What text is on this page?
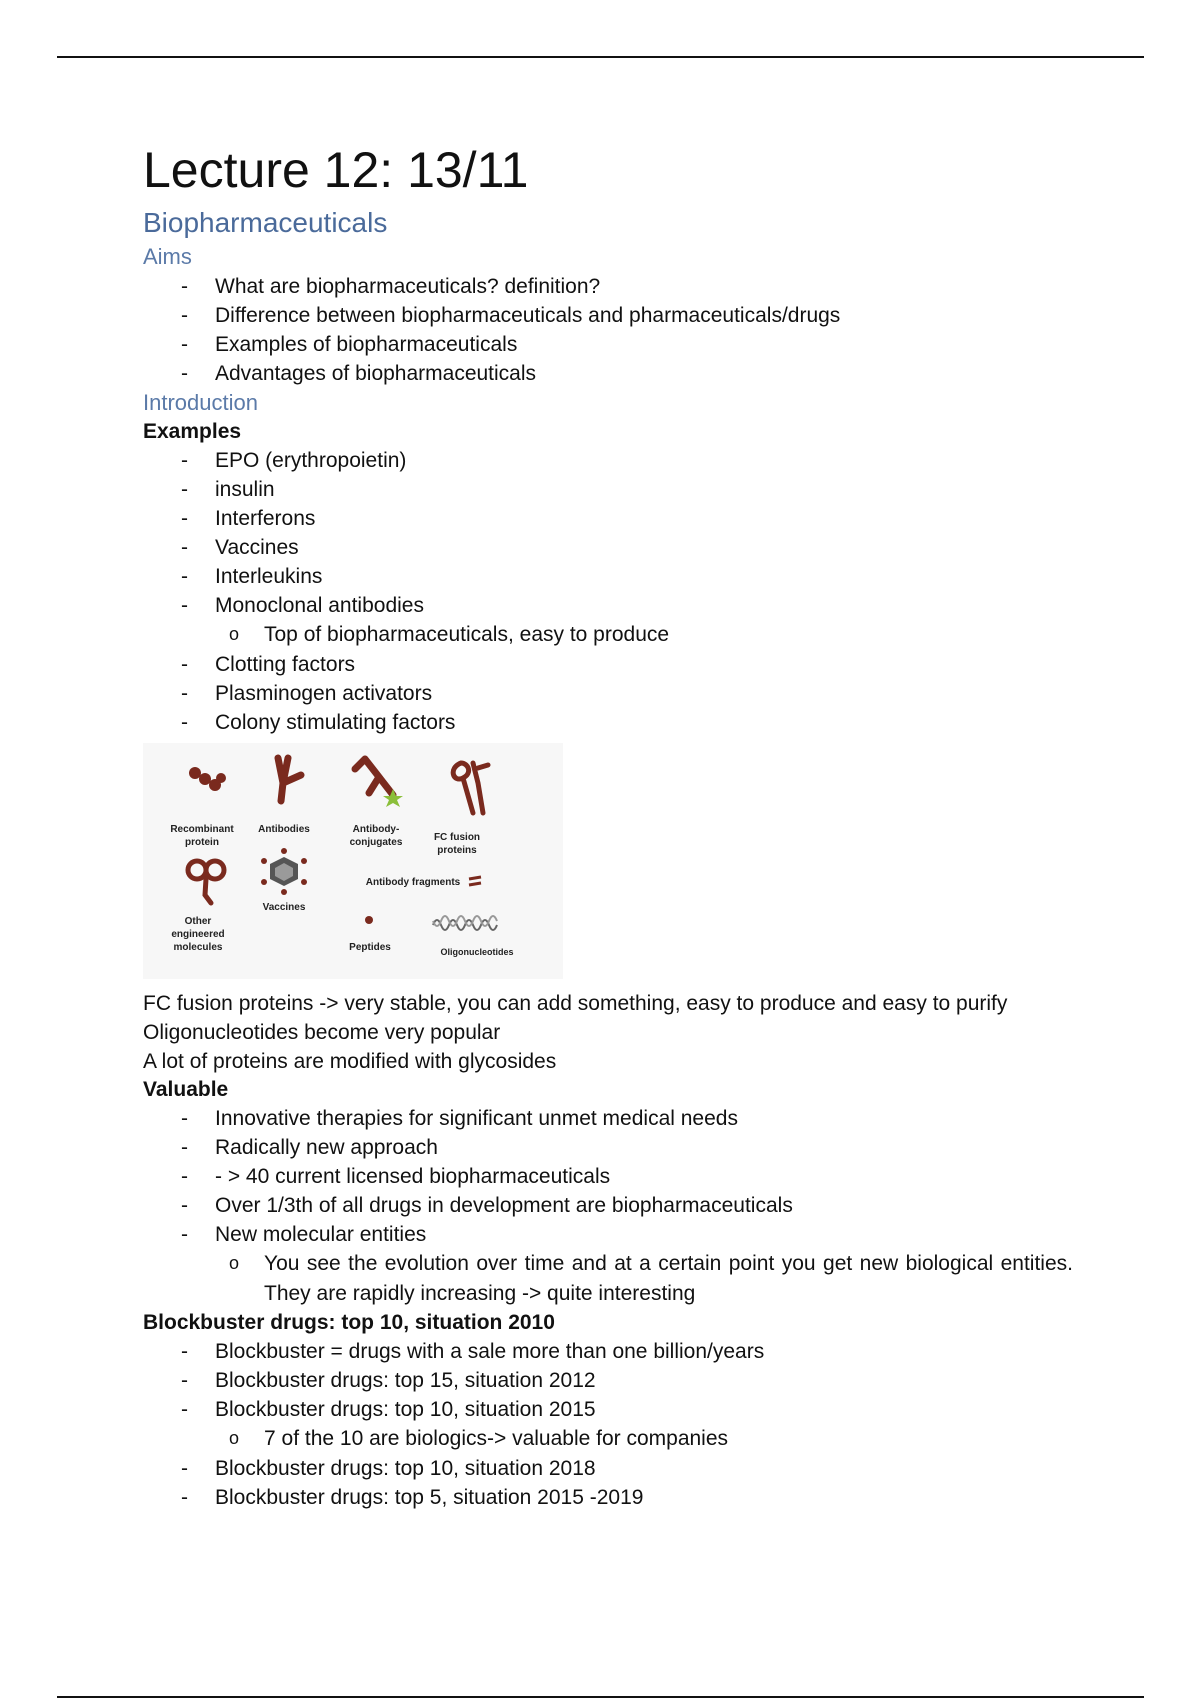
Lecture 12: 13/11
Biopharmaceuticals
Aims
- What are biopharmaceuticals? definition?
- Difference between biopharmaceuticals and pharmaceuticals/drugs
- Examples of biopharmaceuticals
- Advantages of biopharmaceuticals
Introduction

Examples

- EPO (erythropoietin)
- insulin
- Interferons
- Vaccines
- Interleukins
- Monoclonal antibodies
o Top of biopharmaceuticals, easy to produce
- Clotting factors
- Plasminogen activators
- Colony stimulating factors
Recombinant protein
Antibodies	Antibody-conjugates	FC fusion proteins
Other engineered molecules
Vaccines
Antibody fragments
Peptides	Oligonucleotides

FC fusion proteins -> very stable, you can add something, easy to produce and easy to purify

Oligonucleotides become very popular

A lot of proteins are modified with glycosides

Valuable

- Innovative therapies for significant unmet medical needs
- Radically new approach
- - > 40 current licensed biopharmaceuticals
- Over 1/3th of all drugs in development are biopharmaceuticals
- New molecular entities
o You see the evolution over time and at a certain point you get new biological entities. They are rapidly increasing -> quite interesting

Blockbuster drugs: top 10, situation 2010

- Blockbuster = drugs with a sale more than one billion/years
- Blockbuster drugs: top 15, situation 2012
- Blockbuster drugs: top 10, situation 2015
o 7 of the 10 are biologics-> valuable for companies
- Blockbuster drugs: top 10, situation 2018
- Blockbuster drugs: top 5, situation 2015 -2019
